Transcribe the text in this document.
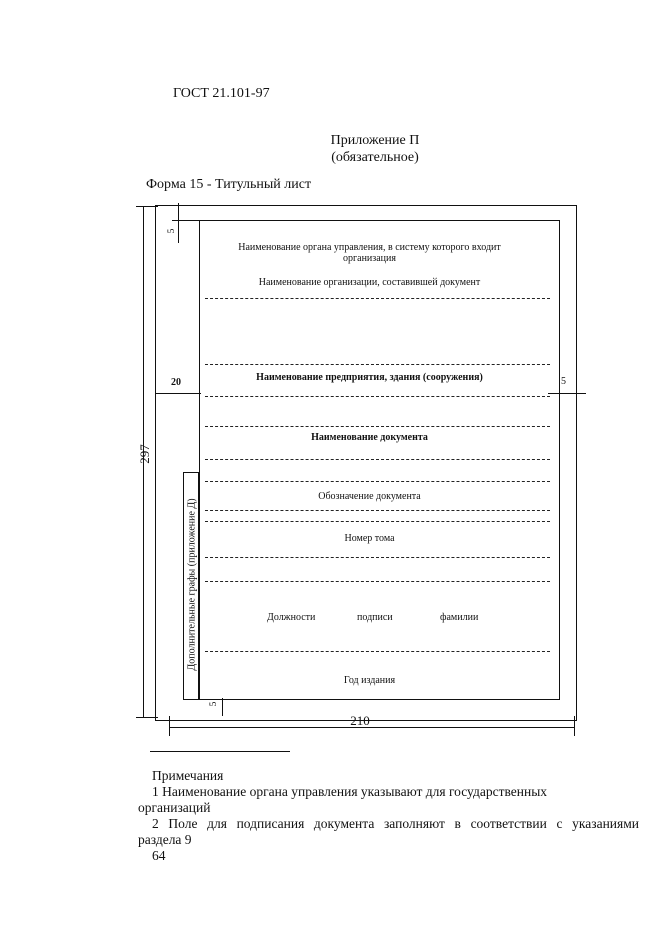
ГОСТ 21.101-97
Приложение П
(обязательное)
Форма 15 - Титульный лист
297
5
20	5
5
210
Наименование органа управления, в систему которого входит
организация
Наименование организации, составившей документ
Наименование предприятия, здания (сооружения)
Наименование документа
Обозначение документа
Номер тома
Должности	подписи	фамилии
Год издания
Дополнительные графы (приложение Д)
Примечания
1 Наименование органа управления указывают для государственных
организаций
2 Поле для подписания документа заполняют в соответствии с указаниями
раздела 9
64
